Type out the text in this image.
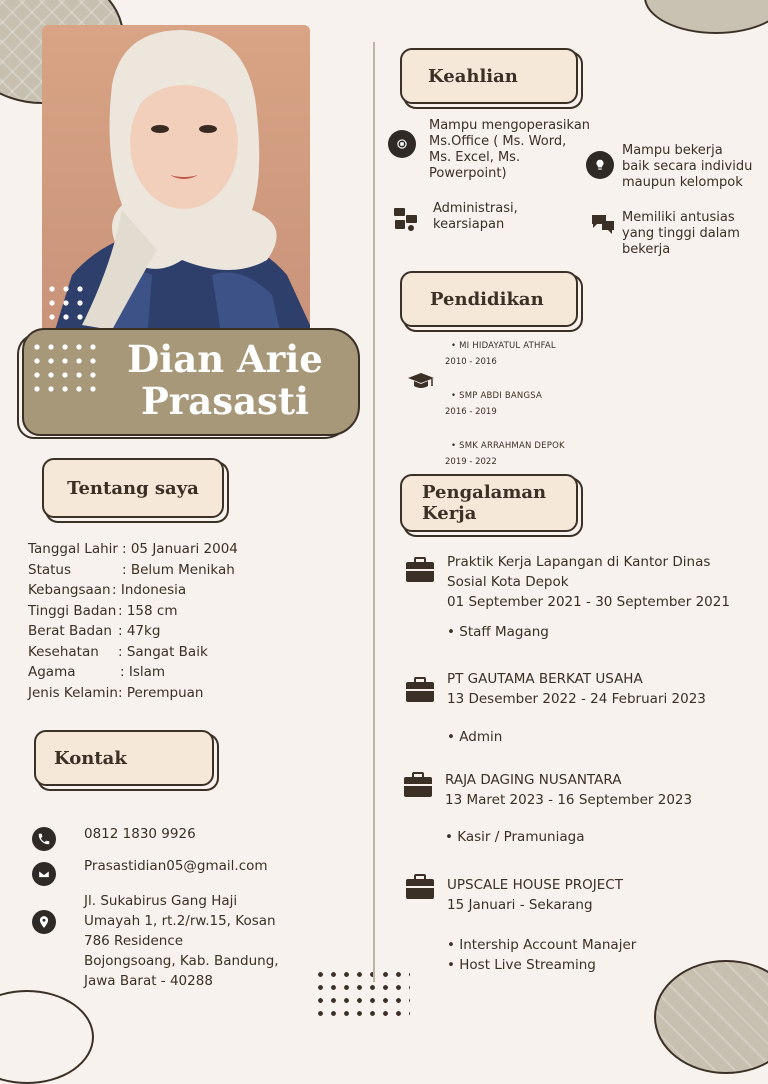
Dian Arie
Prasasti
Tentang saya
Tanggal Lahir : 05 Januari 2004
Status	: Belum Menikah
Kebangsaan : Indonesia
Tinggi Badan : 158 cm
Berat Badan : 47kg
Kesehatan : Sangat Baik
Agama	: Islam
Jenis Kelamin : Perempuan
Kontak
0812 1830 9926
Prasastidian05@gmail.com
Jl. Sukabirus Gang Haji
Umayah 1, rt.2/rw.15, Kosan
786 Residence
Bojongsoang, Kab. Bandung,
Jawa Barat - 40288
Keahlian
Mampu mengoperasikan
Ms.Office ( Ms. Word,
Ms. Excel, Ms.
Powerpoint)
Mampu bekerja
baik secara individu
maupun kelompok
Administrasi,
kearsiapan	Memiliki antusias
yang tinggi dalam
bekerja
Pendidikan
• MI HIDAYATUL ATHFAL
2010 - 2016
• SMP ABDI BANGSA
2016 - 2019
• SMK ARRAHMAN DEPOK
2019 - 2022
Pengalaman
Kerja
Praktik Kerja Lapangan di Kantor Dinas
Sosial Kota Depok
01 September 2021 - 30 September 2021
• Staff Magang
PT GAUTAMA BERKAT USAHA
13 Desember 2022 - 24 Februari 2023
• Admin
RAJA DAGING NUSANTARA
13 Maret 2023 - 16 September 2023
• Kasir / Pramuniaga
UPSCALE HOUSE PROJECT
15 Januari - Sekarang
• Intership Account Manajer
• Host Live Streaming
